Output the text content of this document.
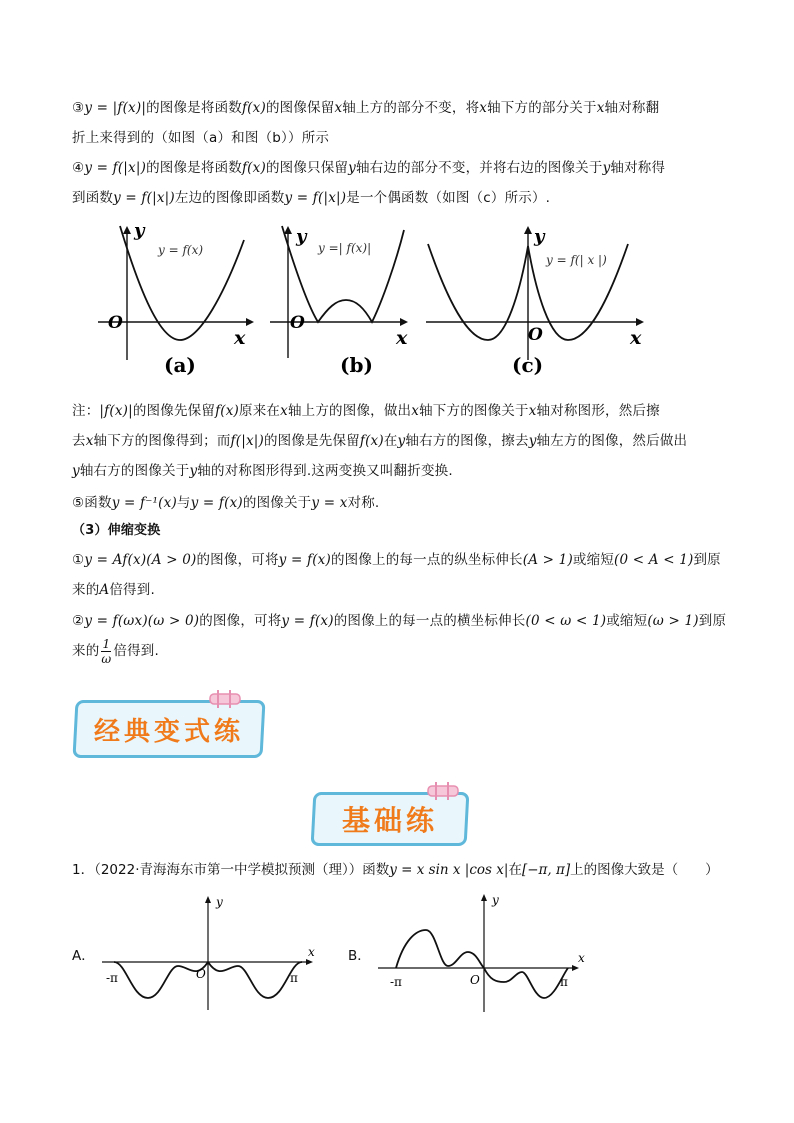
③y = |f(x)|的图像是将函数f(x)的图像保留x轴上方的部分不变，将x轴下方的部分关于x轴对称翻
折上来得到的（如图（a）和图（b））所示
④y = f(|x|)的图像是将函数f(x)的图像只保留y轴右边的部分不变，并将右边的图像关于y轴对称得
到函数y = f(|x|)左边的图像即函数y = f(|x|)是一个偶函数（如图（c）所示）.
y
O
x
y = f(x)
(a)
y
O
x
y =| f(x)|
(b)
y
O	x
y = f(| x |)
(c)
注：|f(x)|的图像先保留f(x)原来在x轴上方的图像，做出x轴下方的图像关于x轴对称图形，然后擦
去x轴下方的图像得到；而f(|x|)的图像是先保留f(x)在y轴右方的图像，擦去y轴左方的图像，然后做出
y轴右方的图像关于y轴的对称图形得到.这两变换又叫翻折变换.
⑤函数y = f⁻¹(x)与y = f(x)的图像关于y = x对称.
（3）伸缩变换
①y = Af(x)(A > 0)的图像，可将y = f(x)的图像上的每一点的纵坐标伸长(A > 1)或缩短(0 < A < 1)到原
来的A倍得到.
②y = f(ωx)(ω > 0)的图像，可将y = f(x)的图像上的每一点的横坐标伸长(0 < ω < 1)或缩短(ω > 1)到原
来的 $\frac{1}{\omega}$ 倍得到.
经典变式练
基础练
1．（2022·青海海东市第一中学模拟预测（理））函数y = x sin x |cos x|在[−π, π]上的图像大致是（　　）
A．
y
x
O
-π	π
B．
y
x
O
-π	π
